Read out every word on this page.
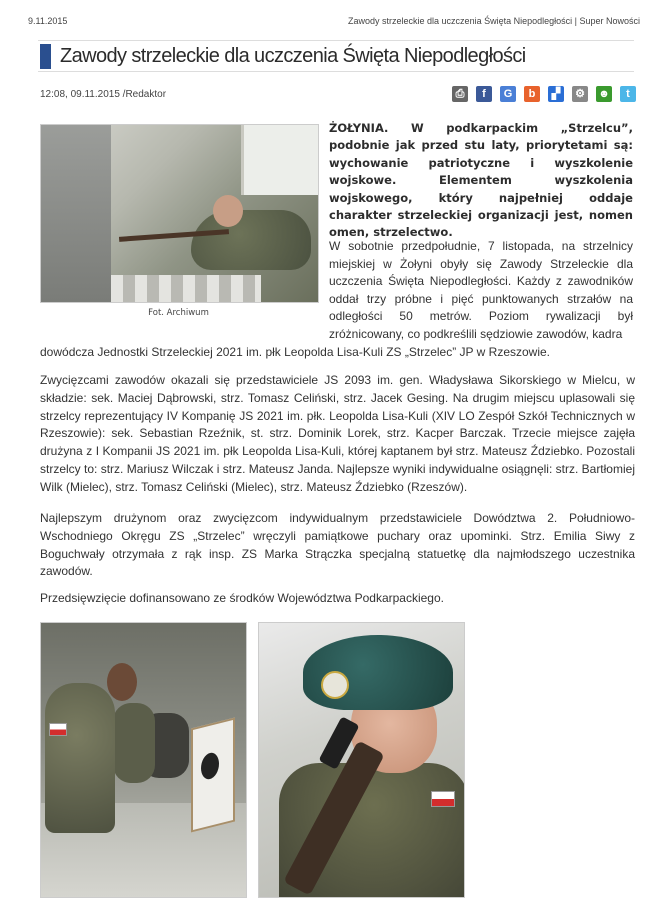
9.11.2015	Zawody strzeleckie dla uczczenia Święta Niepodległości | Super Nowości
Zawody strzeleckie dla uczczenia Święta Niepodległości
12:08, 09.11.2015 /Redaktor	⎙	f	G	b	▞	⚙ ☻	t
Fot. Archiwum
ŻOŁYNIA. W podkarpackim „Strzelcu”, podobnie jak przed stu laty, priorytetami są: wychowanie patriotyczne i wyszkolenie wojskowe. Elementem wyszkolenia wojskowego, który najpełniej oddaje charakter strzeleckiej organizacji jest, nomen omen, strzelectwo.
W sobotnie przedpołudnie, 7 listopada, na strzelnicy miejskiej w Żołyni obyły się Zawody Strzeleckie dla uczczenia Święta Niepodległości. Każdy z zawodników oddał trzy próbne i pięć punktowanych strzałów na odległości 50 metrów. Poziom rywalizacji był zróżnicowany, co podkreślili sędziowie zawodów, kadra
dowódcza Jednostki Strzeleckiej 2021 im. płk Leopolda Lisa-Kuli ZS „Strzelec” JP w Rzeszowie.

Zwycięzcami zawodów okazali się przedstawiciele JS 2093 im. gen. Władysława Sikorskiego w Mielcu, w składzie: sek. Maciej Dąbrowski, strz. Tomasz Celiński, strz. Jacek Gesing. Na drugim miejscu uplasowali się strzelcy reprezentujący IV Kompanię JS 2021 im. płk. Leopolda Lisa-Kuli (XIV LO Zespół Szkół Technicznych w Rzeszowie): sek. Sebastian Rzeźnik, st. strz. Dominik Lorek, strz. Kacper Barczak. Trzecie miejsce zajęła drużyna z I Kompanii JS 2021 im. płk Leopolda Lisa-Kuli, której kaptanem był strz. Mateusz Ździebko. Pozostali strzelcy to: strz. Mariusz Wilczak i strz. Mateusz Janda. Najlepsze wyniki indywidualne osiągnęli: strz. Bartłomiej Wilk (Mielec), strz. Tomasz Celiński (Mielec), strz. Mateusz Ździebko (Rzeszów).

Najlepszym drużynom oraz zwycięzcom indywidualnym przedstawiciele Dowództwa 2. Południowo-Wschodniego Okręgu ZS „Strzelec” wręczyli pamiątkowe puchary oraz upominki. Strz. Emilia Siwy z Boguchwały otrzymała z rąk insp. ZS Marka Strączka specjalną statuetkę dla najmłodszego uczestnika zawodów.

Przedsięwzięcie dofinansowano ze środków Województwa Podkarpackiego.
